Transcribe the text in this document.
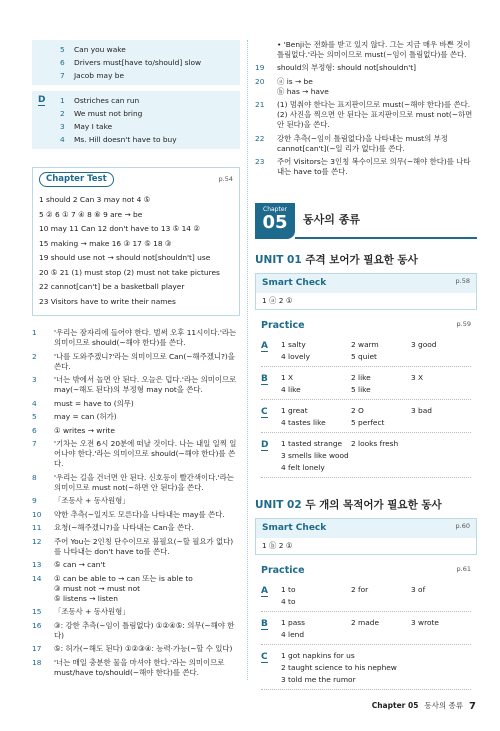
5 Can you wake
6 Drivers must[have to/should] slow
7 Jacob may be
D	1 Ostriches can run
2 We must not bring
3 May I take
4 Ms. Hill doesn't have to buy
Chapter Test	p.54
1 should 2 Can 3 may not 4 ⑤
5 ② 6 ① 7 ④ 8 ⑥ 9 are → be
10 may 11 Can 12 don't have to 13 ⑤ 14 ②
15 making → make 16 ③ 17 ⑤ 18 ③
19 should use not → should not[shouldn't] use
20 ⑤ 21 (1) must stop (2) must not take pictures
22 cannot[can't] be a basketball player
23 Visitors have to write their names
1	'우리는 잠자리에 들어야 한다. 벌써 오후 11시이다.'라는 의미이므로 should(~해야 한다)를 쓴다.
2	'나를 도와주겠니?'라는 의미이므로 Can(~해주겠니?)을 쓴다.
3	'너는 밖에서 놀면 안 된다. 오늘은 덥다.'라는 의미이므로 may(~해도 된다)의 부정형 may not을 쓴다.
4	must = have to (의무)
5	may = can (허가)
6	① writes → write
7	'기차는 오전 6시 20분에 떠날 것이다. 나는 내일 일찍 일어나야 한다.'라는 의미이므로 should(~해야 한다)를 쓴다.
8	'우리는 길을 건너면 안 된다. 신호등이 빨간색이다.'라는 의미이므로 must not(~하면 안 된다)을 쓴다.
9	「조동사 + 동사원형」
10	약한 추측(~일지도 모른다)을 나타내는 may를 쓴다.
11	요청(~해주겠니?)을 나타내는 Can을 쓴다.
12	주어 You는 2인칭 단수이므로 불필요(~할 필요가 없다)를 나타내는 don't have to를 쓴다.
13	⑤ can → can't
14	① can be able to → can 또는 is able to
③ must not → must not
⑤ listens → listen
15	「조동사 + 동사원형」
16	③: 강한 추측(~임이 틀림없다) ①②④⑤: 의무(~해야 한다)
17	⑤: 허가(~해도 된다) ①②③④: 능력·가능(~할 수 있다)
18	'너는 매일 충분한 물을 마셔야 한다.'라는 의미이므로 must/have to/should(~해야 한다)를 쓴다.
• 'Benji는 전화를 받고 있지 않다. 그는 지금 매우 바쁜 것이 틀림없다.'라는 의미이므로 must(~임이 틀림없다)를 쓴다.
19	should의 부정형: should not[shouldn't]
20	ⓐ is → be
ⓑ has → have
21	(1) 멈춰야 한다는 표지판이므로 must(~해야 한다)를 쓴다.
(2) 사진을 찍으면 안 된다는 표지판이므로 must not(~하면 안 된다)을 쓴다.
22	강한 추측(~임이 틀림없다)을 나타내는 must의 부정 cannot[can't](~일 리가 없다)를 쓴다.
23	주어 Visitors는 3인칭 복수이므로 의무(~해야 한다)를 나타내는 have to를 쓴다.
Chapter
05	동사의 종류
UNIT 01 주격 보어가 필요한 동사
Smart Check	p.58
1 ⓐ 2 ①
Practice	p.59
A	1 salty	2 warm	3 good
4 lovely	5 quiet
B	1 X	2 like	3 X
4 like	5 like
C	1 great	2 O	3 bad
4 tastes like	5 perfect
D	1 tasted strange	2 looks fresh
3 smells like wood
4 felt lonely
UNIT 02 두 개의 목적어가 필요한 동사
Smart Check	p.60
1 ⓑ 2 ①
Practice	p.61
A	1 to	2 for	3 of
4 to
B	1 pass	2 made	3 wrote
4 lend
C	1 got napkins for us
2 taught science to his nephew
3 told me the rumor
Chapter 05 동사의 종류 7
